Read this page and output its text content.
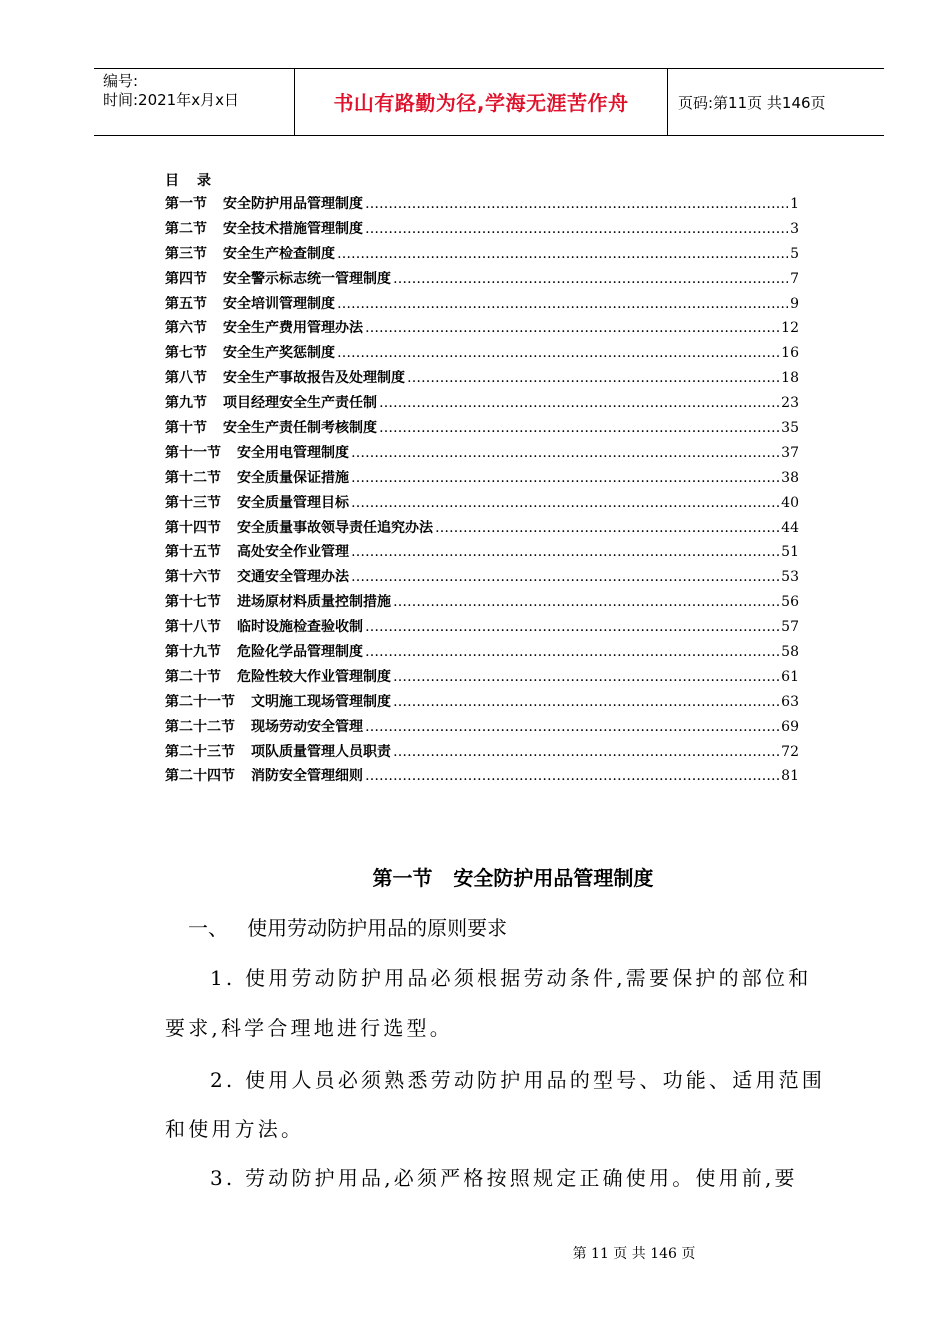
编号:
时间:2021年x月x日	书山有路勤为径,学海无涯苦作舟	页码:第11页 共146页
目录
第一节 安全防护用品管理制度 …………………………………………………………………………………………………………………………………………………………………………	1
第二节 安全技术措施管理制度 …………………………………………………………………………………………………………………………………………………………………………	3
第三节 安全生产检查制度 …………………………………………………………………………………………………………………………………………………………………………	5
第四节 安全警示标志统一管理制度 …………………………………………………………………………………………………………………………………………………………………………	7
第五节 安全培训管理制度 …………………………………………………………………………………………………………………………………………………………………………	9
第六节 安全生产费用管理办法 …………………………………………………………………………………………………………………………………………………………………………	12
第七节 安全生产奖惩制度 …………………………………………………………………………………………………………………………………………………………………………	16
第八节 安全生产事故报告及处理制度 …………………………………………………………………………………………………………………………………………………………………………	18
第九节 项目经理安全生产责任制 …………………………………………………………………………………………………………………………………………………………………………	23
第十节 安全生产责任制考核制度 …………………………………………………………………………………………………………………………………………………………………………	35
第十一节 安全用电管理制度 …………………………………………………………………………………………………………………………………………………………………………	37
第十二节 安全质量保证措施 …………………………………………………………………………………………………………………………………………………………………………	38
第十三节 安全质量管理目标 …………………………………………………………………………………………………………………………………………………………………………	40
第十四节 安全质量事故领导责任追究办法 …………………………………………………………………………………………………………………………………………………………………………	44
第十五节 高处安全作业管理 …………………………………………………………………………………………………………………………………………………………………………	51
第十六节 交通安全管理办法 …………………………………………………………………………………………………………………………………………………………………………	53
第十七节 进场原材料质量控制措施 …………………………………………………………………………………………………………………………………………………………………………	56
第十八节 临时设施检查验收制 …………………………………………………………………………………………………………………………………………………………………………	57
第十九节 危险化学品管理制度 …………………………………………………………………………………………………………………………………………………………………………	58
第二十节 危险性较大作业管理制度 …………………………………………………………………………………………………………………………………………………………………………	61
第二十一节 文明施工现场管理制度 …………………………………………………………………………………………………………………………………………………………………………	63
第二十二节 现场劳动安全管理 …………………………………………………………………………………………………………………………………………………………………………	69
第二十三节 项队质量管理人员职责 …………………………………………………………………………………………………………………………………………………………………………	72
第二十四节 消防安全管理细则 …………………………………………………………………………………………………………………………………………………………………………	81
第一节   安全防护用品管理制度
一、   使用劳动防护用品的原则要求
1. 使用劳动防护用品必须根据劳动条件,需要保护的部位和
要求,科学合理地进行选型。
2. 使用人员必须熟悉劳动防护用品的型号、功能、适用范围
和使用方法。
3. 劳动防护用品,必须严格按照规定正确使用。使用前,要
第 11 页 共 146 页
